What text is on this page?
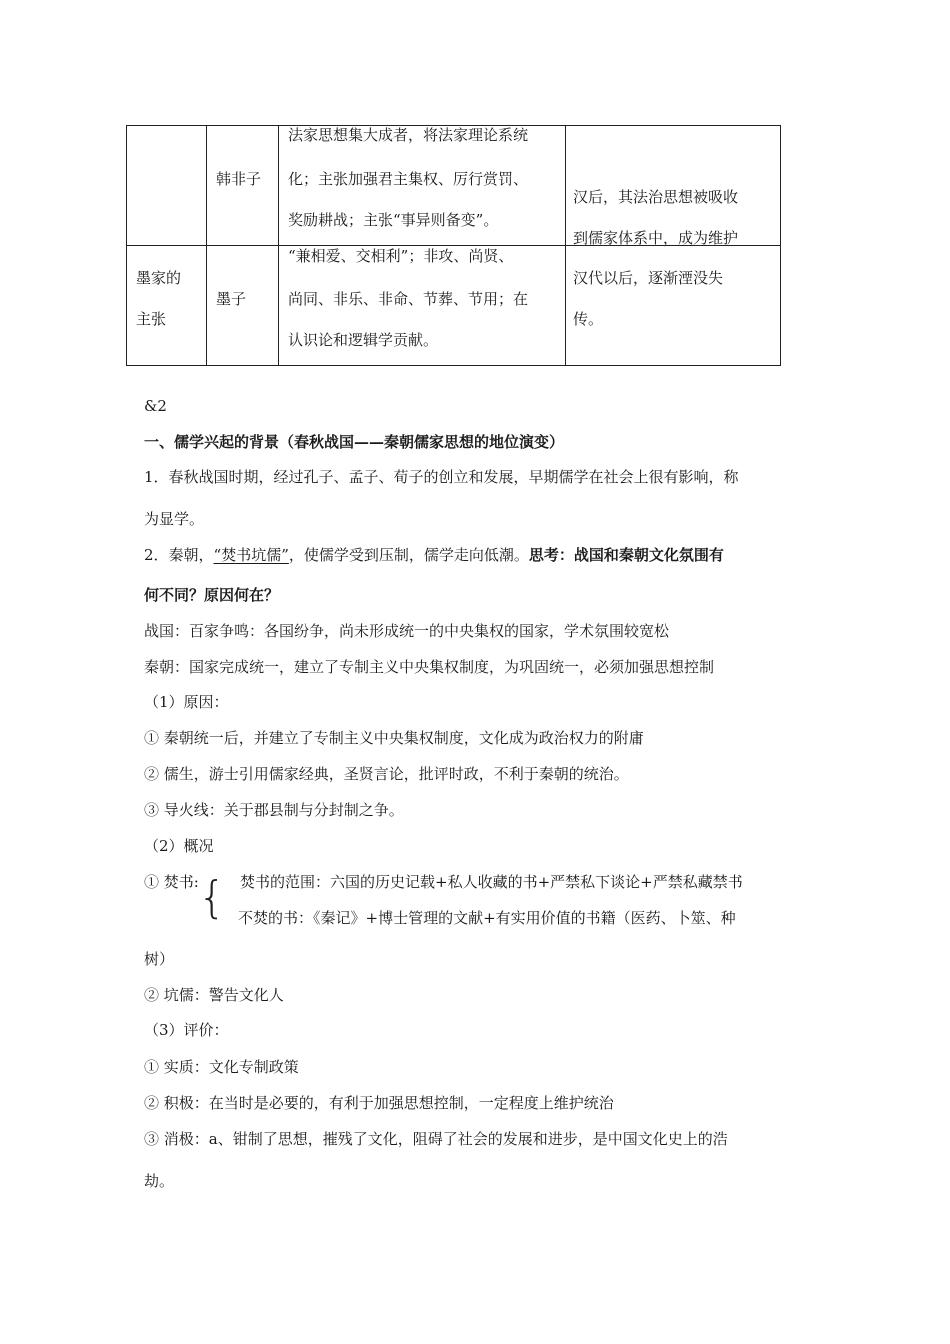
韩非子
法家思想集大成者，将法家理论系统
化；主张加强君主集权、厉行赏罚、
奖励耕战；主张“事异则备变”。
汉后，其法治思想被吸收
到儒家体系中，成为维护
墨家的
主张
墨子
“兼相爱、交相利”；非攻、尚贤、
尚同、非乐、非命、节葬、节用；在
认识论和逻辑学贡献。
汉代以后，逐渐湮没失
传。
&2
一、儒学兴起的背景（春秋战国——秦朝儒家思想的地位演变）
1．春秋战国时期，经过孔子、孟子、荀子的创立和发展，早期儒学在社会上很有影响，称
为显学。
2．秦朝，“焚书坑儒”，使儒学受到压制，儒学走向低潮。思考：战国和秦朝文化氛围有
何不同？原因何在？
战国：百家争鸣：各国纷争，尚未形成统一的中央集权的国家，学术氛围较宽松
秦朝：国家完成统一，建立了专制主义中央集权制度，为巩固统一，必须加强思想控制
（1）原因：
① 秦朝统一后，并建立了专制主义中央集权制度，文化成为政治权力的附庸
② 儒生，游士引用儒家经典，圣贤言论，批评时政，不利于秦朝的统治。
③ 导火线：关于郡县制与分封制之争。
（2）概况
① 焚书: { 焚书的范围：六国的历史记载+私人收藏的书+严禁私下谈论+严禁私藏禁书
不焚的书：《秦记》+博士管理的文献+有实用价值的书籍（医药、卜筮、种
树）
② 坑儒：警告文化人
（3）评价：
① 实质：文化专制政策
② 积极：在当时是必要的，有利于加强思想控制，一定程度上维护统治
③ 消极：a、钳制了思想，摧残了文化，阻碍了社会的发展和进步，是中国文化史上的浩
劫。
